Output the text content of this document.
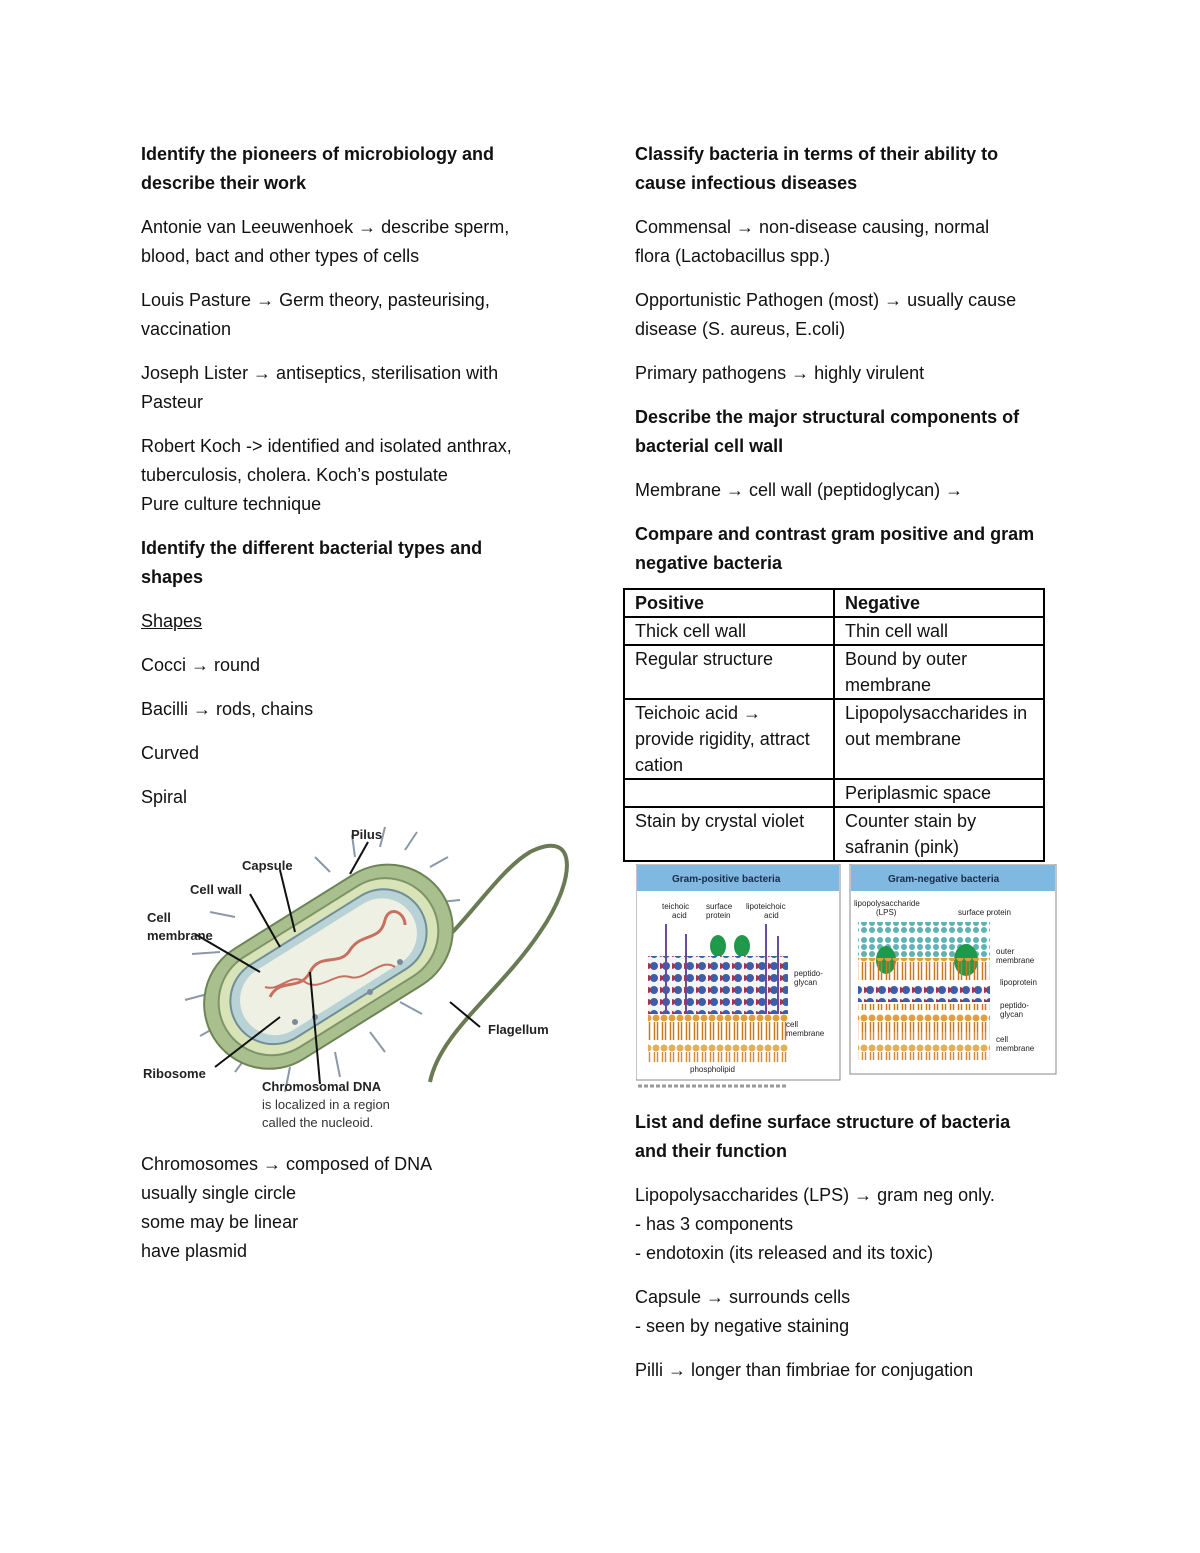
Identify the pioneers of microbiology and
describe their work
Antonie van Leeuwenhoek → describe sperm,
blood, bact and other types of cells
Louis Pasture → Germ theory, pasteurising,
vaccination
Joseph Lister → antiseptics, sterilisation with
Pasteur
Robert Koch -> identified and isolated anthrax,
tuberculosis, cholera. Koch’s postulate
Pure culture technique
Identify the different bacterial types and
shapes
Shapes
Cocci → round
Bacilli → rods, chains
Curved
Spiral
Pilus
Capsule
Cell wall
Cell
membrane
Flagellum
Ribosome
Chromosomal DNA
is localized in a region
called the nucleoid.
Chromosomes → composed of DNA
usually single circle
some may be linear
have plasmid
Classify bacteria in terms of their ability to
cause infectious diseases
Commensal → non-disease causing, normal
flora (Lactobacillus spp.)
Opportunistic Pathogen (most) → usually cause
disease (S. aureus, E.coli)
Primary pathogens → highly virulent
Describe the major structural components of
bacterial cell wall
Membrane → cell wall (peptidoglycan) →
Compare and contrast gram positive and gram
negative bacteria
Positive	Negative
Thick cell wall	Thin cell wall
Regular structure	Bound by outer membrane
Teichoic acid → provide rigidity, attract cation	Lipopolysaccharides in out membrane
	Periplasmic space
Stain by crystal violet	Counter stain by safranin (pink)
Gram-positive bacteria
teichoic
acid
surface
protein
lipoteichoic
acid
peptido-
glycan
cell
membrane
phospholipid
Gram-negative bacteria
lipopolysaccharide
(LPS)	surface protein
outer
membrane
lipoprotein
peptido-
glycan
cell
membrane
List and define surface structure of bacteria
and their function
Lipopolysaccharides (LPS) → gram neg only.
- has 3 components
- endotoxin (its released and its toxic)
Capsule → surrounds cells
- seen by negative staining
Pilli → longer than fimbriae for conjugation
